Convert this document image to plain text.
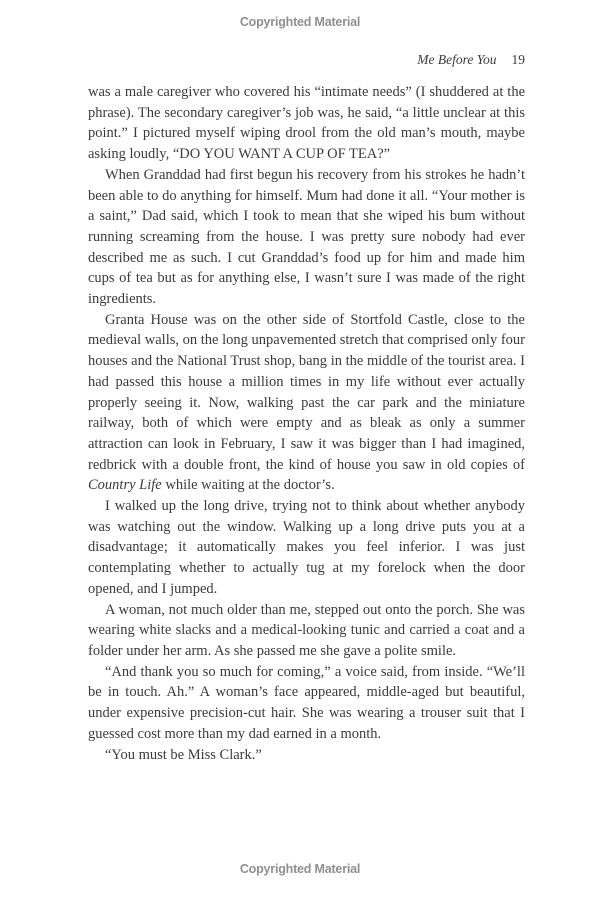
Copyrighted Material
Me Before You 19

was a male caregiver who covered his “intimate needs” (I shuddered at the phrase). The secondary caregiver’s job was, he said, “a little unclear at this point.” I pictured myself wiping drool from the old man’s mouth, maybe asking loudly, “DO YOU WANT A CUP OF TEA?”

When Granddad had first begun his recovery from his strokes he hadn’t been able to do anything for himself. Mum had done it all. “Your mother is a saint,” Dad said, which I took to mean that she wiped his bum without running screaming from the house. I was pretty sure nobody had ever described me as such. I cut Granddad’s food up for him and made him cups of tea but as for anything else, I wasn’t sure I was made of the right ingredients.

Granta House was on the other side of Stortfold Castle, close to the medieval walls, on the long unpavemented stretch that comprised only four houses and the National Trust shop, bang in the middle of the tourist area. I had passed this house a million times in my life without ever actually properly seeing it. Now, walking past the car park and the miniature railway, both of which were empty and as bleak as only a summer attraction can look in February, I saw it was bigger than I had imagined, redbrick with a double front, the kind of house you saw in old copies of Country Life while waiting at the doctor’s.

I walked up the long drive, trying not to think about whether anybody was watching out the window. Walking up a long drive puts you at a disadvantage; it automatically makes you feel inferior. I was just contemplating whether to actually tug at my forelock when the door opened, and I jumped.

A woman, not much older than me, stepped out onto the porch. She was wearing white slacks and a medical-looking tunic and carried a coat and a folder under her arm. As she passed me she gave a polite smile.

“And thank you so much for coming,” a voice said, from inside. “We’ll be in touch. Ah.” A woman’s face appeared, middle-aged but beautiful, under expensive precision-cut hair. She was wearing a trouser suit that I guessed cost more than my dad earned in a month.

“You must be Miss Clark.”

Copyrighted Material
